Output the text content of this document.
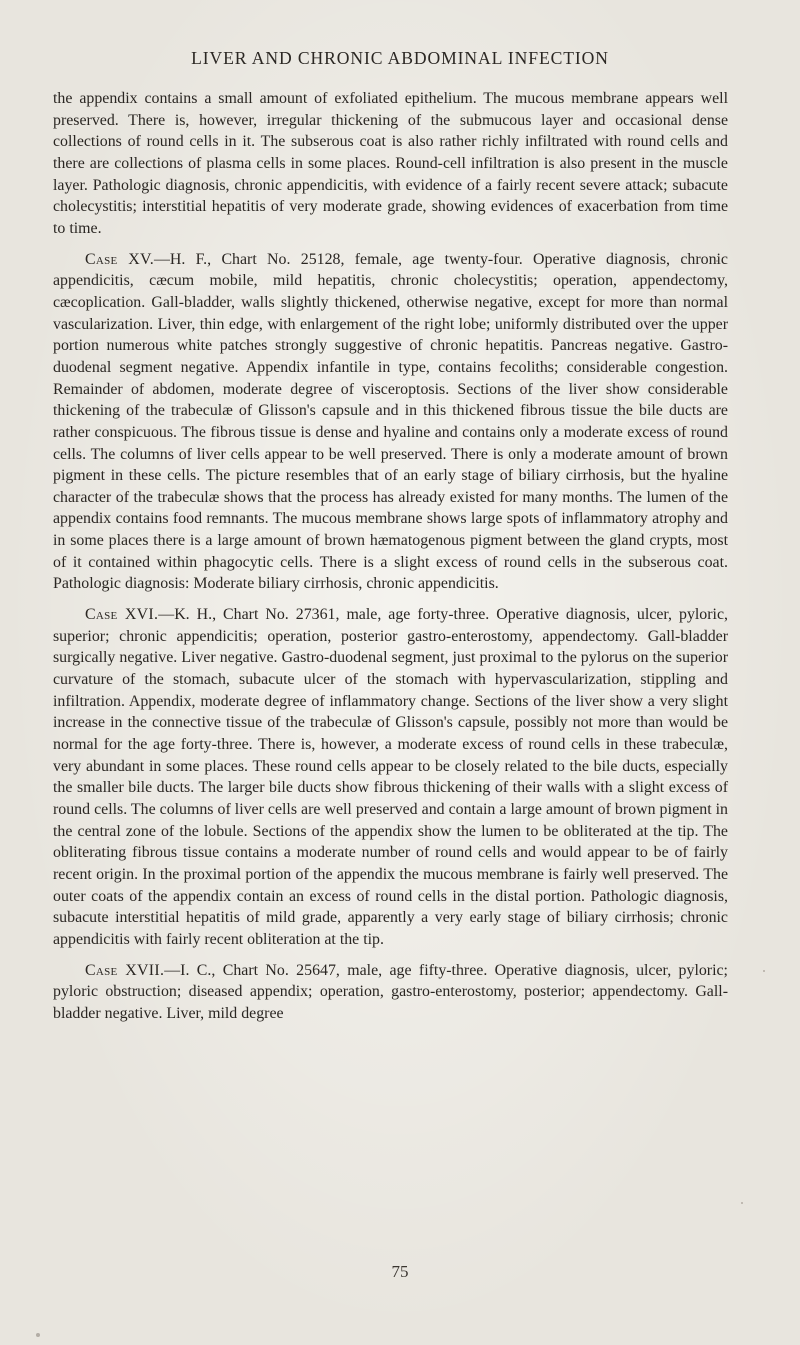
LIVER AND CHRONIC ABDOMINAL INFECTION

the appendix contains a small amount of exfoliated epithelium. The mucous membrane appears well preserved. There is, however, irregular thickening of the submucous layer and occasional dense collections of round cells in it. The subserous coat is also rather richly infiltrated with round cells and there are collections of plasma cells in some places. Round-cell infiltration is also present in the muscle layer. Pathologic diagnosis, chronic appendicitis, with evidence of a fairly recent severe attack; subacute cholecystitis; interstitial hepatitis of very moderate grade, showing evidences of exacerbation from time to time.

Case XV.—H. F., Chart No. 25128, female, age twenty-four. Operative diagnosis, chronic appendicitis, cæcum mobile, mild hepatitis, chronic cholecystitis; operation, appendectomy, cæcoplication. Gall-bladder, walls slightly thickened, otherwise negative, except for more than normal vascularization. Liver, thin edge, with enlargement of the right lobe; uniformly distributed over the upper portion numerous white patches strongly suggestive of chronic hepatitis. Pancreas negative. Gastro-duodenal segment negative. Appendix infantile in type, contains fecoliths; considerable congestion. Remainder of abdomen, moderate degree of visceroptosis. Sections of the liver show considerable thickening of the trabeculæ of Glisson's capsule and in this thickened fibrous tissue the bile ducts are rather conspicuous. The fibrous tissue is dense and hyaline and contains only a moderate excess of round cells. The columns of liver cells appear to be well preserved. There is only a moderate amount of brown pigment in these cells. The picture resembles that of an early stage of biliary cirrhosis, but the hyaline character of the trabeculæ shows that the process has already existed for many months. The lumen of the appendix contains food remnants. The mucous membrane shows large spots of inflammatory atrophy and in some places there is a large amount of brown hæmatogenous pigment between the gland crypts, most of it contained within phagocytic cells. There is a slight excess of round cells in the subserous coat. Pathologic diagnosis: Moderate biliary cirrhosis, chronic appendicitis.

Case XVI.—K. H., Chart No. 27361, male, age forty-three. Operative diagnosis, ulcer, pyloric, superior; chronic appendicitis; operation, posterior gastro-enterostomy, appendectomy. Gall-bladder surgically negative. Liver negative. Gastro-duodenal segment, just proximal to the pylorus on the superior curvature of the stomach, subacute ulcer of the stomach with hypervascularization, stippling and infiltration. Appendix, moderate degree of inflammatory change. Sections of the liver show a very slight increase in the connective tissue of the trabeculæ of Glisson's capsule, possibly not more than would be normal for the age forty-three. There is, however, a moderate excess of round cells in these trabeculæ, very abundant in some places. These round cells appear to be closely related to the bile ducts, especially the smaller bile ducts. The larger bile ducts show fibrous thickening of their walls with a slight excess of round cells. The columns of liver cells are well preserved and contain a large amount of brown pigment in the central zone of the lobule. Sections of the appendix show the lumen to be obliterated at the tip. The obliterating fibrous tissue contains a moderate number of round cells and would appear to be of fairly recent origin. In the proximal portion of the appendix the mucous membrane is fairly well preserved. The outer coats of the appendix contain an excess of round cells in the distal portion. Pathologic diagnosis, subacute interstitial hepatitis of mild grade, apparently a very early stage of biliary cirrhosis; chronic appendicitis with fairly recent obliteration at the tip.

Case XVII.—I. C., Chart No. 25647, male, age fifty-three. Operative diagnosis, ulcer, pyloric; pyloric obstruction; diseased appendix; operation, gastro-enterostomy, posterior; appendectomy. Gall-bladder negative. Liver, mild degree

75
